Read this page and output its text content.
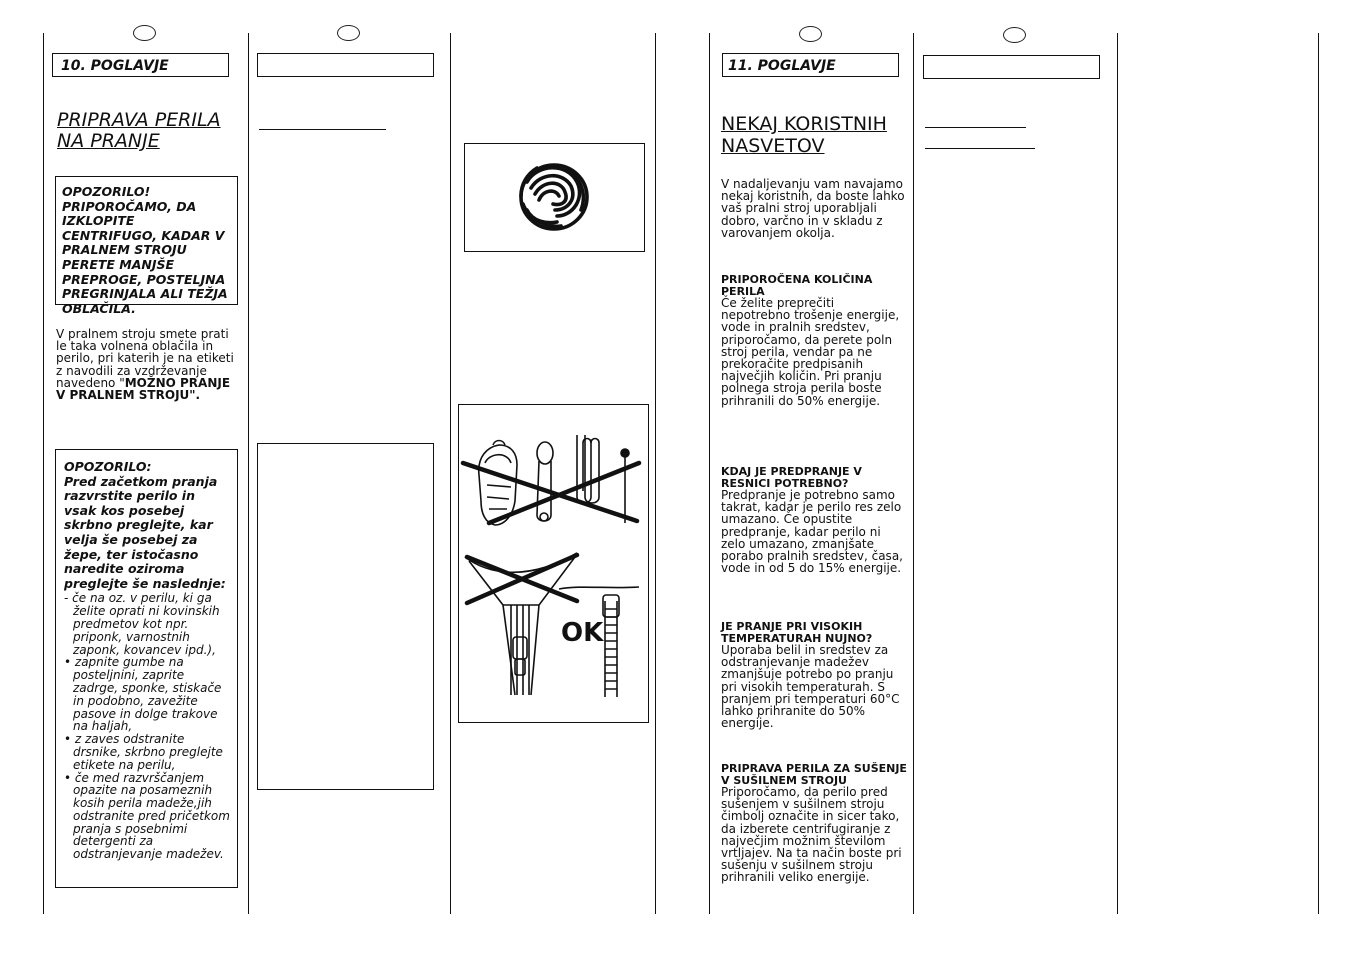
10. POGLAVJE
PRIPRAVA PERILA
NA PRANJE
OPOZORILO! PRIPOROČAMO, DA IZKLOPITE CENTRIFUGO, KADAR V PRALNEM STROJU PERETE MANJŠE PREPROGE, POSTELJNA PREGRINJALA ALI TEŽJA OBLAČILA.
V pralnem stroju smete prati le taka volnena oblačila in perilo, pri katerih je na etiketi z navodili za vzdrževanje navedeno "MOŽNO PRANJE V PRALNEM STROJU".
OPOZORILO:
Pred začetkom pranja razvrstite perilo in vsak kos posebej skrbno preglejte, kar velja še posebej za žepe, ter istočasno naredite oziroma preglejte še naslednje:
- če na oz. v perilu, ki ga želite oprati ni kovinskih predmetov kot npr. priponk, varnostnih zaponk, kovancev ipd.),
• zapnite gumbe na posteljnini, zaprite zadrge, sponke, stiskače in podobno, zavežite pasove in dolge trakove na haljah,
• z zaves odstranite drsnike, skrbno preglejte etikete na perilu,
• če med razvrščanjem opazite na posameznih kosih perila madeže,jih odstranite pred pričetkom pranja s posebnimi detergenti za odstranjevanje madežev.
OK
11. POGLAVJE
NEKAJ KORISTNIH
NASVETOV
V nadaljevanju vam navajamo nekaj koristnih, da boste lahko vaš pralni stroj uporabljali dobro, varčno in v skladu z varovanjem okolja.
PRIPOROČENA KOLIČINA PERILA
Če želite preprečiti nepotrebno trošenje energije, vode in pralnih sredstev, priporočamo, da perete poln stroj perila, vendar pa ne prekoračite predpisanih največjih količin. Pri pranju polnega stroja perila boste prihranili do 50% energije.
KDAJ JE PREDPRANJE V RESNICI POTREBNO?
Predpranje je potrebno samo takrat, kadar je perilo res zelo umazano. Če opustite predpranje, kadar perilo ni zelo umazano, zmanjšate porabo pralnih sredstev, časa, vode in od 5 do 15% energije.
JE PRANJE PRI VISOKIH TEMPERATURAH NUJNO?
Uporaba belil in sredstev za odstranjevanje madežev zmanjšuje potrebo po pranju pri visokih temperaturah. S pranjem pri temperaturi 60°C lahko prihranite do 50% energije.
PRIPRAVA PERILA ZA SUŠENJE V SUŠILNEM STROJU
Priporočamo, da perilo pred sušenjem v sušilnem stroju čimbolj označite in sicer tako, da izberete centrifugiranje z največjim možnim številom vrtljajev. Na ta način boste pri sušenju v sušilnem stroju prihranili veliko energije.
